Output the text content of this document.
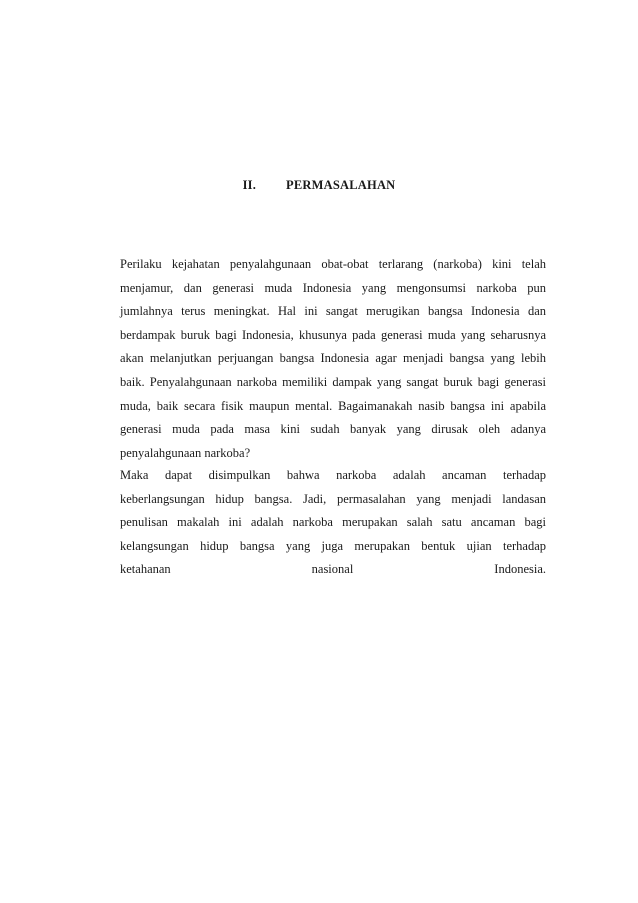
II. PERMASALAHAN
Perilaku kejahatan penyalahgunaan obat-obat terlarang (narkoba) kini telah
menjamur, dan generasi muda Indonesia yang mengonsumsi narkoba pun
jumlahnya terus meningkat. Hal ini sangat merugikan bangsa Indonesia dan
berdampak buruk bagi Indonesia, khusunya pada generasi muda yang seharusnya
akan melanjutkan perjuangan bangsa Indonesia agar menjadi bangsa yang lebih
baik. Penyalahgunaan narkoba memiliki dampak yang sangat buruk bagi generasi
muda, baik secara fisik maupun mental. Bagaimanakah nasib bangsa ini apabila
generasi muda pada masa kini sudah banyak yang dirusak oleh adanya
penyalahgunaan narkoba?
Maka dapat disimpulkan bahwa narkoba adalah ancaman terhadap
keberlangsungan hidup bangsa. Jadi, permasalahan yang menjadi landasan
penulisan makalah ini adalah narkoba merupakan salah satu ancaman bagi
kelangsungan hidup bangsa yang juga merupakan bentuk ujian terhadap
ketahanan nasional Indonesia.
